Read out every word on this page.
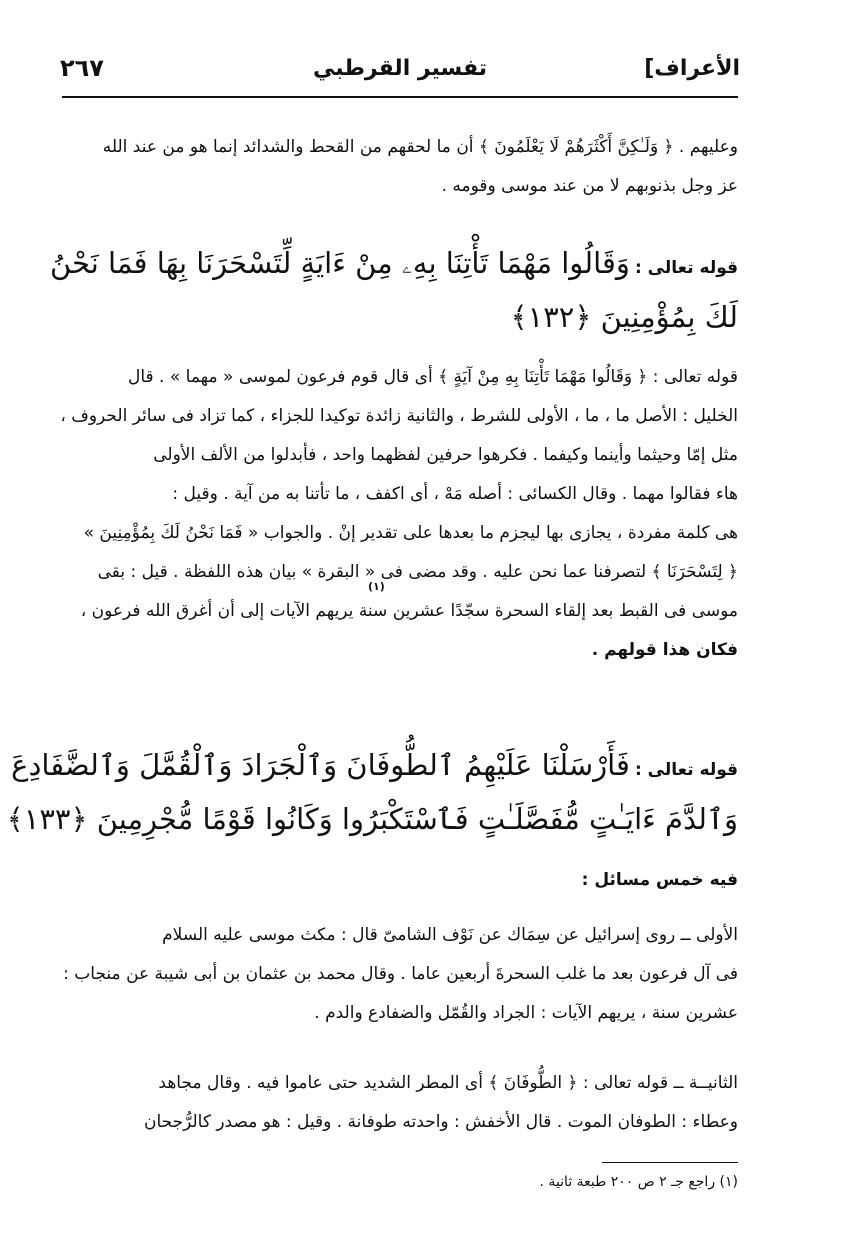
٢٦٧	تفسير القرطبي	الأعراف]
وعليهم . ﴿ وَلَـٰكِنَّ أَكْثَرَهُمْ لَا يَعْلَمُونَ ﴾ أن ما لحقهم من القحط والشدائد إنما هو من عند الله
عز وجل بذنوبهم لا من عند موسى وقومه .
قوله تعالى : وَقَالُوا مَهْمَا تَأْتِنَا بِهِۦ مِنْ ءَايَةٍ لِّتَسْحَرَنَا بِهَا فَمَا نَحْنُ
لَكَ بِمُؤْمِنِينَ ﴿١٣٢﴾
قوله تعالى : ﴿ وَقَالُوا مَهْمَا تَأْتِنَا بِهِ مِنْ آيَةٍ ﴾ أى قال قوم فرعون لموسى « مهما » . قال
الخليل : الأصل ما ، ما ، الأولى للشرط ، والثانية زائدة توكيدا للجزاء ، كما تزاد فى سائر الحروف ،
مثل إمّا وحيثما وأينما وكيفما . فكرهوا حرفين لفظهما واحد ، فأبدلوا من الألف الأولى
هاء فقالوا مهما . وقال الكسائى : أصله مَهْ ، أى اكفف ، ما تأتنا به من آية . وقيل :
هى كلمة مفردة ، يجازى بها ليجزم ما بعدها على تقدير إنْ . والجواب « فَمَا نَحْنُ لَكَ بِمُؤْمِنِينَ »
﴿ لِتَسْحَرَنَا ﴾ لتصرفنا عما نحن عليه . وقد مضى فى « البقرة » بيان هذه اللفظة . قيل : بقى
موسى فى القبط بعد إلقاء السحرة سجّدًا عشرين سنة يريهم الآيات إلى أن أغرق الله فرعون ،
فكان هذا قولهم .
(١)
قوله تعالى : فَأَرْسَلْنَا عَلَيْهِمُ ٱلطُّوفَانَ وَٱلْجَرَادَ وَٱلْقُمَّلَ وَٱلضَّفَادِعَ
وَٱلدَّمَ ءَايَـٰتٍ مُّفَصَّلَـٰتٍ فَٱسْتَكْبَرُوا وَكَانُوا قَوْمًا مُّجْرِمِينَ ﴿١٣٣﴾
فيه خمس مسائل :
الأولى ــ روى إسرائيل عن سِمَاك عن نَوْف الشامىّ قال : مكث موسى عليه السلام
فى آل فرعون بعد ما غلب السحرةَ أربعين عاما . وقال محمد بن عثمان بن أبى شيبة عن منجاب :
عشرين سنة ، يريهم الآيات : الجراد والقُمّل والضفادع والدم .
الثانيــة ــ قوله تعالى : ﴿ الطُّوفَانَ ﴾ أى المطر الشديد حتى عاموا فيه . وقال مجاهد
وعطاء : الطوفان الموت . قال الأخفش : واحدته طوفانة . وقيل : هو مصدر كالرُّجحان
(١) راجع جـ ٢ ص ٢٠٠ طبعة ثانية .
